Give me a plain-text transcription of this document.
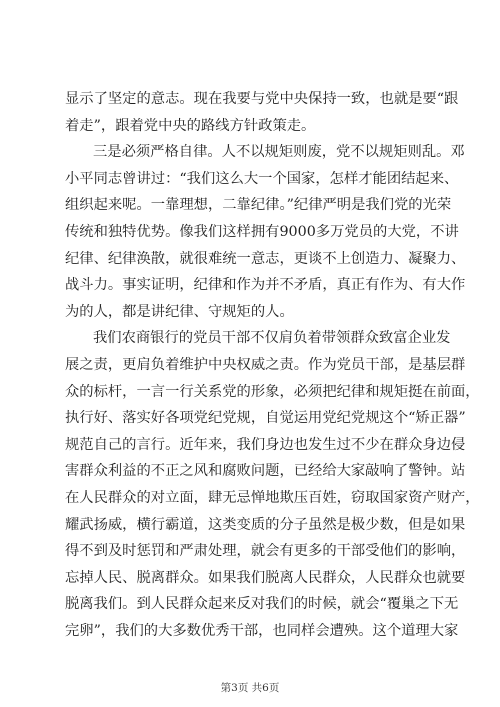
显示了坚定的意志。现在我要与党中央保持一致，也就是要“跟
着走”，跟着党中央的路线方针政策走。
三是必须严格自律。人不以规矩则废，党不以规矩则乱。邓
小平同志曾讲过：“我们这么大一个国家，怎样才能团结起来、
组织起来呢。一靠理想，二靠纪律。”纪律严明是我们党的光荣
传统和独特优势。像我们这样拥有9000多万党员的大党，不讲
纪律、纪律涣散，就很难统一意志，更谈不上创造力、凝聚力、
战斗力。事实证明，纪律和作为并不矛盾，真正有作为、有大作
为的人，都是讲纪律、守规矩的人。
我们农商银行的党员干部不仅肩负着带领群众致富企业发
展之责，更肩负着维护中央权威之责。作为党员干部，是基层群
众的标杆，一言一行关系党的形象，必须把纪律和规矩挺在前面，
执行好、落实好各项党纪党规，自觉运用党纪党规这个“矫正器”
规范自己的言行。近年来，我们身边也发生过不少在群众身边侵
害群众利益的不正之风和腐败问题，已经给大家敲响了警钟。站
在人民群众的对立面，肆无忌惮地欺压百姓，窃取国家资产财产，
耀武扬威，横行霸道，这类变质的分子虽然是极少数，但是如果
得不到及时惩罚和严肃处理，就会有更多的干部受他们的影响，
忘掉人民、脱离群众。如果我们脱离人民群众，人民群众也就要
脱离我们。到人民群众起来反对我们的时候，就会“覆巢之下无
完卵”，我们的大多数优秀干部，也同样会遭殃。这个道理大家
第3页 共6页
